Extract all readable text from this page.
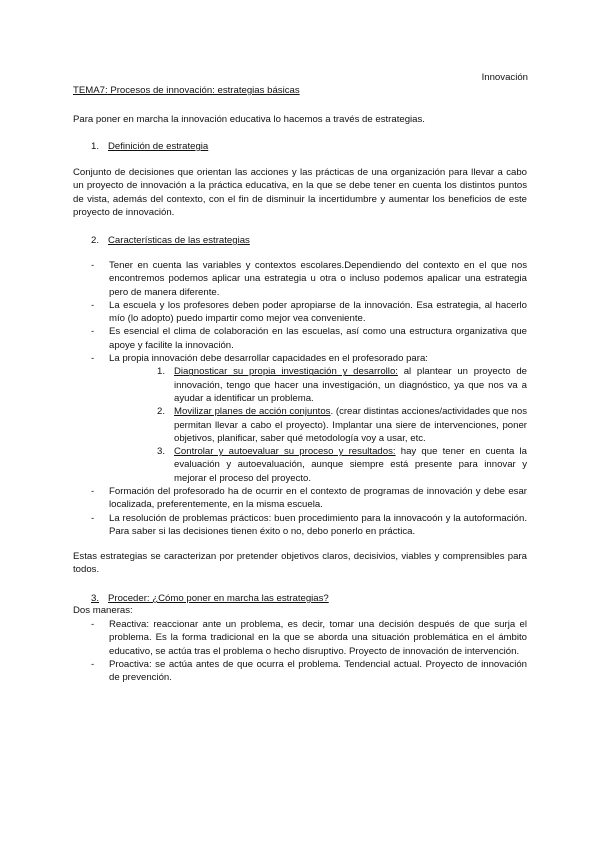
Innovación
TEMA7: Procesos de innovación: estrategias básicas
Para poner en marcha la innovación educativa lo hacemos a través de estrategias.
1. Definición de estrategia
Conjunto de decisiones que orientan las acciones y las prácticas de una organización para llevar a cabo un proyecto de innovación a la práctica educativa, en la que se debe tener en cuenta los distintos puntos de vista, además del contexto, con el fin de disminuir la incertidumbre y aumentar los beneficios de este proyecto de innovación.
2. Características de las estrategias
- Tener en cuenta las variables y contextos escolares.Dependiendo del contexto en el que nos encontremos podemos aplicar una estrategia u otra o incluso podemos apalicar una estrategia pero de manera diferente.
- La escuela y los profesores deben poder apropiarse de la innovación. Esa estrategia, al hacerlo mío (lo adopto) puedo impartir como mejor vea conveniente.
- Es esencial el clima de colaboración en las escuelas, así como una estructura organizativa que apoye y facilite la innovación.
- La propia innovación debe desarrollar capacidades en el profesorado para:
1. Diagnosticar su propia investigación y desarrollo: al plantear un proyecto de innovación, tengo que hacer una investigación, un diagnóstico, ya que nos va a ayudar a identificar un problema.
2. Movilizar planes de acción conjuntos. (crear distintas acciones/actividades que nos permitan llevar a cabo el proyecto). Implantar una siere de intervenciones, poner objetivos, planificar, saber qué metodología voy a usar, etc.
3. Controlar y autoevaluar su proceso y resultados: hay que tener en cuenta la evaluación y autoevaluación, aunque siempre está presente para innovar y mejorar el proceso del proyecto.
- Formación del profesorado ha de ocurrir en el contexto de programas de innovación y debe esar localizada, preferentemente, en la misma escuela.
- La resolución de problemas prácticos: buen procedimiento para la innovacoón y la autoformación. Para saber si las decisiones tienen éxito o no, debo ponerlo en práctica.
Estas estrategias se caracterizan por pretender objetivos claros, decisivios, viables y comprensibles para todos.
3. Proceder: ¿Cómo poner en marcha las estrategias?
Dos maneras:
- Reactiva: reaccionar ante un problema, es decir, tomar una decisión después de que surja el problema. Es la forma tradicional en la que se aborda una situación problemática en el ámbito educativo, se actúa tras el problema o hecho disruptivo. Proyecto de innovación de intervención.
- Proactiva: se actúa antes de que ocurra el problema. Tendencial actual. Proyecto de innovación de prevención.
